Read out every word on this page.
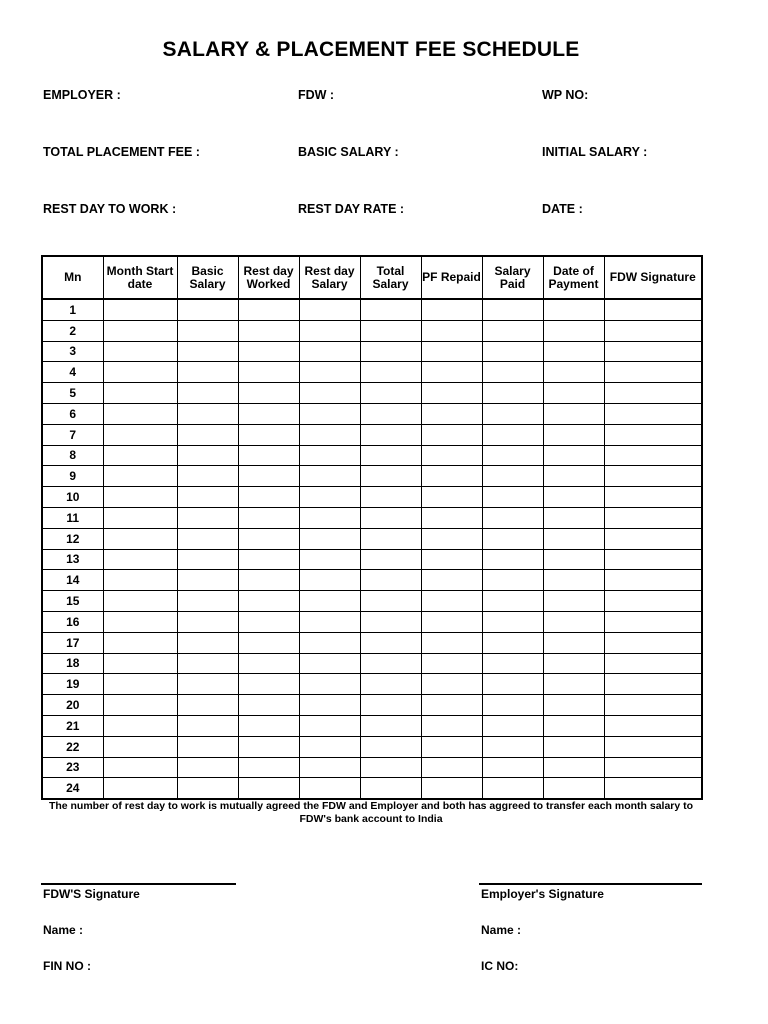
SALARY & PLACEMENT FEE SCHEDULE
EMPLOYER :	FDW :	WP NO:
TOTAL PLACEMENT FEE :	BASIC SALARY :	INITIAL SALARY :
REST DAY TO WORK :	REST DAY RATE :	DATE :
Mn	Month Start date	Basic Salary	Rest day Worked	Rest day Salary	Total Salary	PF Repaid	Salary Paid	Date of Payment	FDW Signature
1									
2									
3									
4									
5									
6									
7									
8									
9									
10									
11									
12									
13									
14									
15									
16									
17									
18									
19									
20									
21									
22									
23									
24									
The number of rest day to work is mutually agreed the FDW and Employer and both has aggreed to transfer each month salary to FDW's bank account to India
FDW'S Signature
Name :
FIN NO :
Employer's Signature
Name :
IC NO:
